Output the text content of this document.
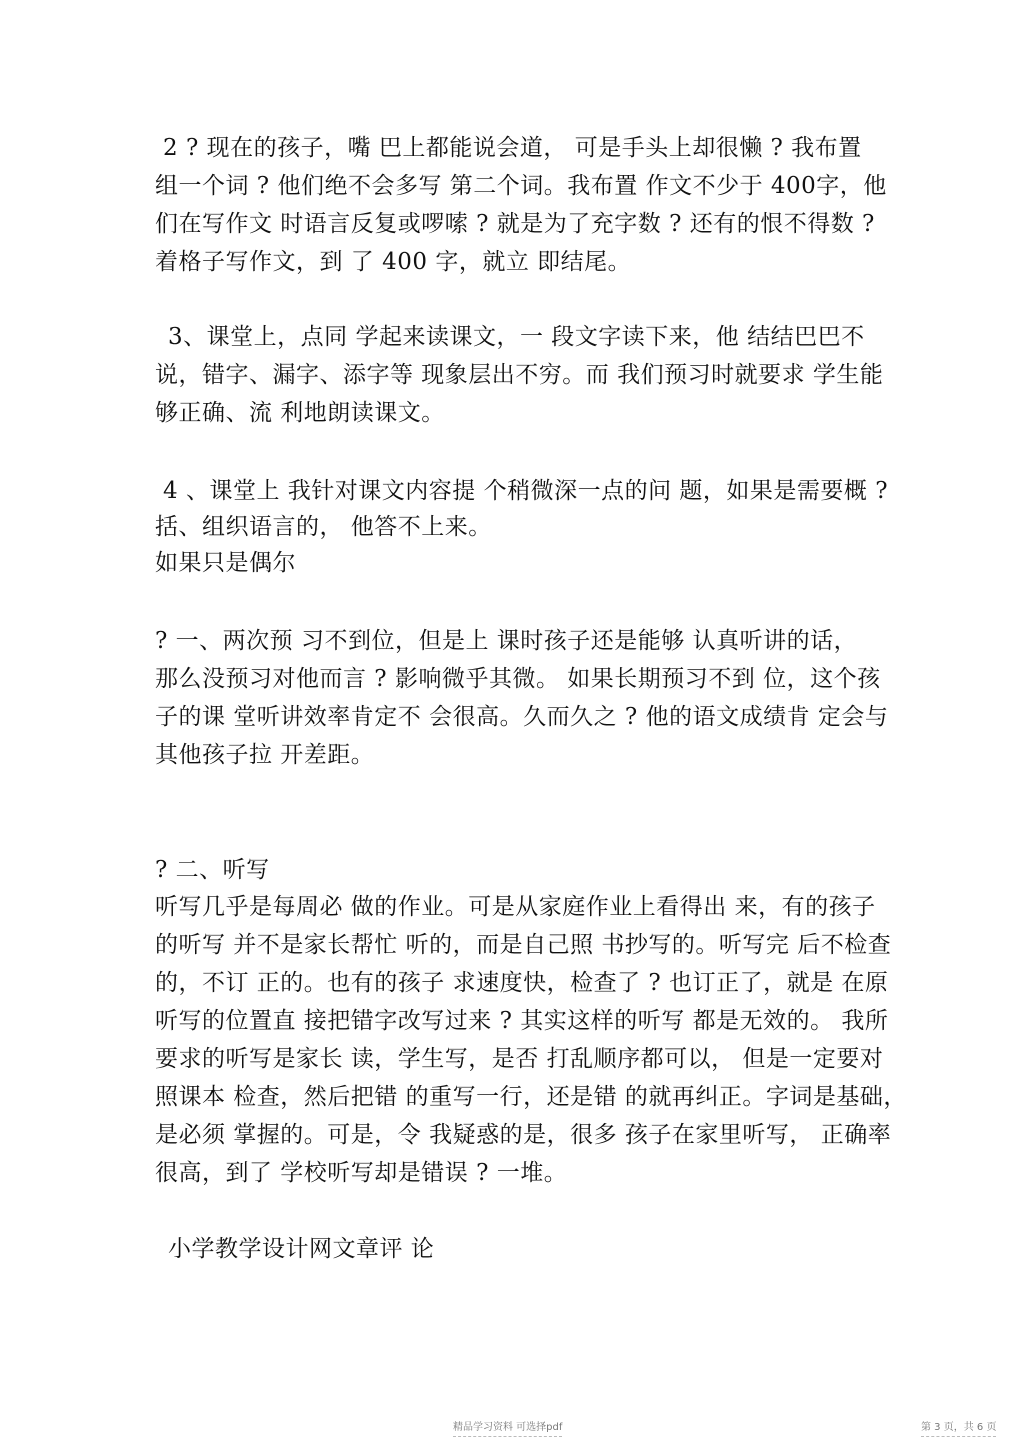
2 ? 现在的孩子，嘴 巴上都能说会道， 可是手头上却很懒 ? 我布置
组一个词 ? 他们绝不会多写 第二个词。我布置 作文不少于 400字，他
们在写作文 时语言反复或啰嗦 ? 就是为了充字数 ? 还有的恨不得数 ?
着格子写作文，到 了 400 字，就立 即结尾。
3、课堂上，点同 学起来读课文，一 段文字读下来，他 结结巴巴不
说，错字、漏字、添字等 现象层出不穷。而 我们预习时就要求 学生能
够正确、流 利地朗读课文。
4 、课堂上 我针对课文内容提 个稍微深一点的问 题，如果是需要概 ?
括、组织语言的， 他答不上来。
如果只是偶尔
? 一、两次预 习不到位，但是上 课时孩子还是能够 认真听讲的话，
那么没预习对他而言 ? 影响微乎其微。 如果长期预习不到 位，这个孩
子的课 堂听讲效率肯定不 会很高。久而久之 ? 他的语文成绩肯 定会与
其他孩子拉 开差距。
? 二、听写
听写几乎是每周必 做的作业。可是从家庭作业上看得出 来，有的孩子
的听写 并不是家长帮忙 听的，而是自己照 书抄写的。听写完 后不检查
的，不订 正的。也有的孩子 求速度快，检查了 ? 也订正了，就是 在原
听写的位置直 接把错字改写过来 ? 其实这样的听写 都是无效的。 我所
要求的听写是家长 读，学生写，是否 打乱顺序都可以， 但是一定要对
照课本 检查，然后把错 的重写一行，还是错 的就再纠正。字词是基础，
是必须 掌握的。可是，令 我疑惑的是，很多 孩子在家里听写， 正确率
很高，到了 学校听写却是错误 ? 一堆。
小学教学设计网文章评 论
精品学习资料 可选择pdf	第 3 页，共 6 页
